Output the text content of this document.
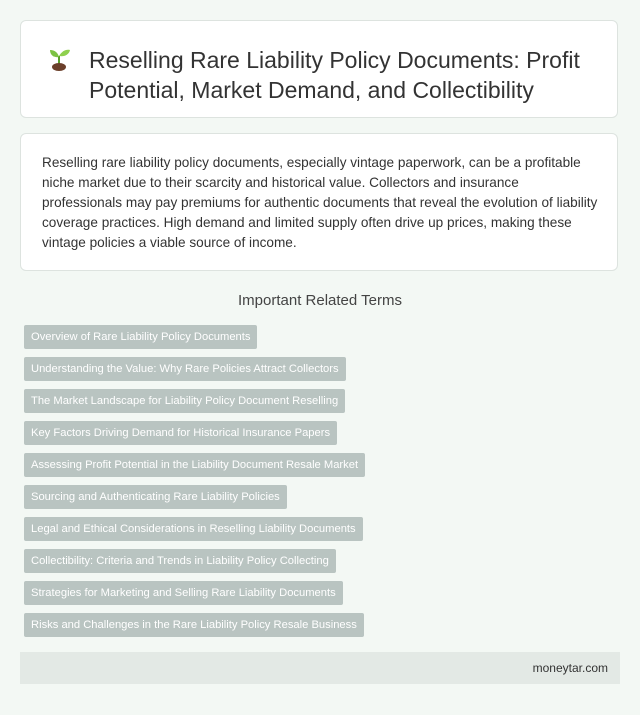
Reselling Rare Liability Policy Documents: Profit Potential, Market Demand, and Collectibility

Reselling rare liability policy documents, especially vintage paperwork, can be a profitable niche market due to their scarcity and historical value. Collectors and insurance professionals may pay premiums for authentic documents that reveal the evolution of liability coverage practices. High demand and limited supply often drive up prices, making these vintage policies a viable source of income.

Important Related Terms
Overview of Rare Liability Policy Documents
Understanding the Value: Why Rare Policies Attract Collectors
The Market Landscape for Liability Policy Document Reselling
Key Factors Driving Demand for Historical Insurance Papers
Assessing Profit Potential in the Liability Document Resale Market
Sourcing and Authenticating Rare Liability Policies
Legal and Ethical Considerations in Reselling Liability Documents
Collectibility: Criteria and Trends in Liability Policy Collecting
Strategies for Marketing and Selling Rare Liability Documents
Risks and Challenges in the Rare Liability Policy Resale Business
moneytar.com
